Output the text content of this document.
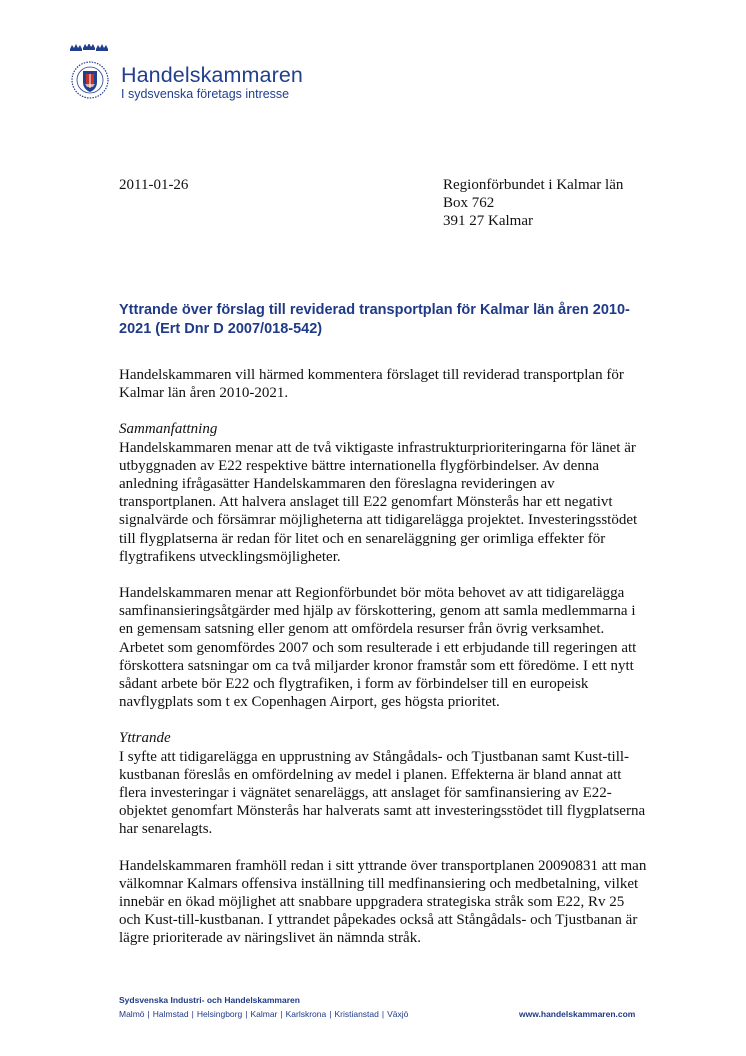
Handelskammaren
I sydsvenska företags intresse
2011-01-26	Regionförbundet i Kalmar län
Box 762
391 27 Kalmar
Yttrande över förslag till reviderad transportplan för Kalmar län åren 2010-2021 (Ert Dnr D 2007/018-542)

Handelskammaren vill härmed kommentera förslaget till reviderad transportplan för Kalmar län åren 2010-2021.

Sammanfattning

Handelskammaren menar att de två viktigaste infrastrukturprioriteringarna för länet är utbyggnaden av E22 respektive bättre internationella flygförbindelser. Av denna anledning ifrågasätter Handelskammaren den föreslagna revideringen av transportplanen. Att halvera anslaget till E22 genomfart Mönsterås har ett negativt signalvärde och försämrar möjligheterna att tidigarelägga projektet. Investeringsstödet till flygplatserna är redan för litet och en senareläggning ger orimliga effekter för flygtrafikens utvecklingsmöjligheter.

Handelskammaren menar att Regionförbundet bör möta behovet av att tidigarelägga samfinansieringsåtgärder med hjälp av förskottering, genom att samla medlemmarna i en gemensam satsning eller genom att omfördela resurser från övrig verksamhet. Arbetet som genomfördes 2007 och som resulterade i ett erbjudande till regeringen att förskottera satsningar om ca två miljarder kronor framstår som ett föredöme. I ett nytt sådant arbete bör E22 och flygtrafiken, i form av förbindelser till en europeisk navflygplats som t ex Copenhagen Airport, ges högsta prioritet.

Yttrande

I syfte att tidigarelägga en upprustning av Stångådals- och Tjustbanan samt Kust-till-kustbanan föreslås en omfördelning av medel i planen. Effekterna är bland annat att flera investeringar i vägnätet senareläggs, att anslaget för samfinansiering av E22-objektet genomfart Mönsterås har halverats samt att investeringsstödet till flygplatserna har senarelagts.

Handelskammaren framhöll redan i sitt yttrande över transportplanen 20090831 att man välkomnar Kalmars offensiva inställning till medfinansiering och medbetalning, vilket innebär en ökad möjlighet att snabbare uppgradera strategiska stråk som E22, Rv 25 och Kust-till-kustbanan. I yttrandet påpekades också att Stångådals- och Tjustbanan är lägre prioriterade av näringslivet än nämnda stråk.

Sydsvenska Industri- och Handelskammaren
Malmö | Halmstad | Helsingborg | Kalmar | Karlskrona | Kristianstad | Växjö	www.handelskammaren.com
